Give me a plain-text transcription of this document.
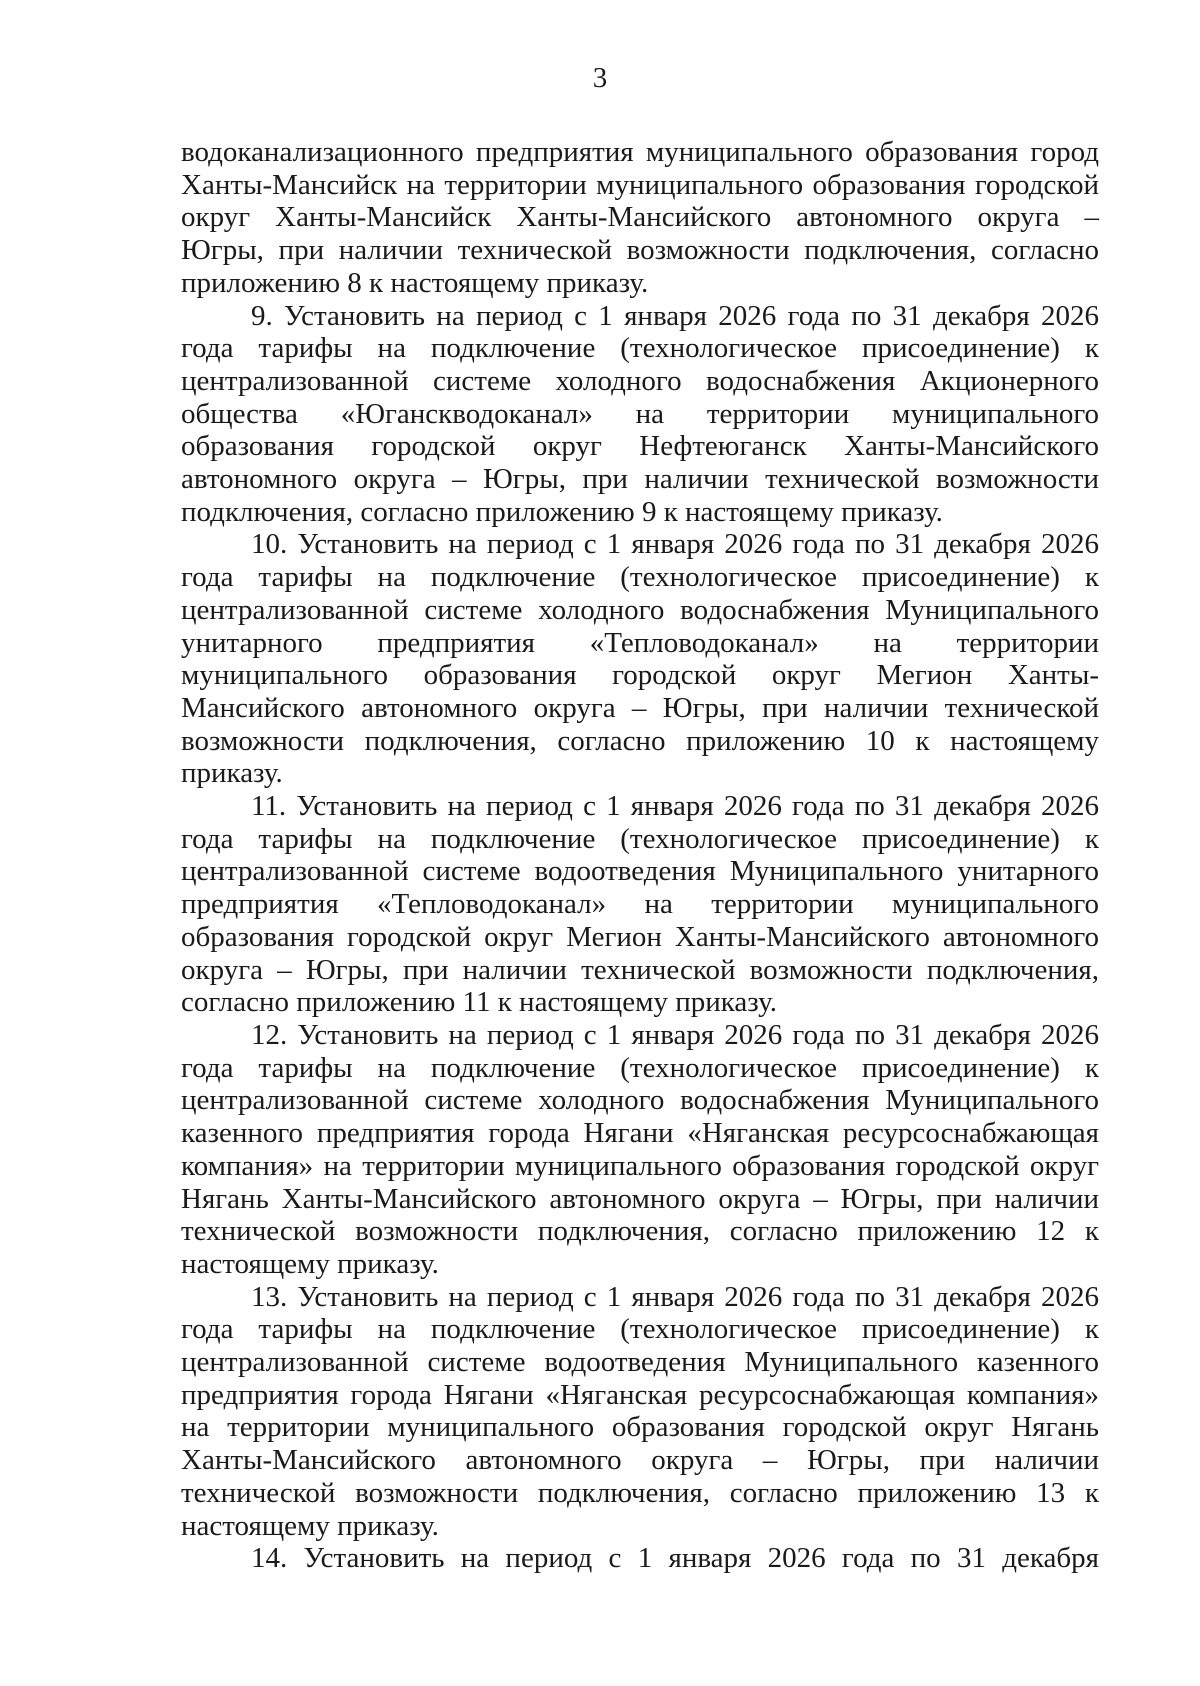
3

водоканализационного предприятия муниципального образования город Ханты-Мансийск на территории муниципального образования городской округ Ханты-Мансийск Ханты-Мансийского автономного округа – Югры, при наличии технической возможности подключения, согласно приложению 8 к настоящему приказу.

9. Установить на период с 1 января 2026 года по 31 декабря 2026 года тарифы на подключение (технологическое присоединение) к централизованной системе холодного водоснабжения Акционерного общества «Юганскводоканал» на территории муниципального образования городской округ Нефтеюганск Ханты-Мансийского автономного округа – Югры, при наличии технической возможности подключения, согласно приложению 9 к настоящему приказу.

10. Установить на период с 1 января 2026 года по 31 декабря 2026 года тарифы на подключение (технологическое присоединение) к централизованной системе холодного водоснабжения Муниципального унитарного предприятия «Тепловодоканал» на территории муниципального образования городской округ Мегион Ханты-Мансийского автономного округа – Югры, при наличии технической возможности подключения, согласно приложению 10 к настоящему приказу.

11. Установить на период с 1 января 2026 года по 31 декабря 2026 года тарифы на подключение (технологическое присоединение) к централизованной системе водоотведения Муниципального унитарного предприятия «Тепловодоканал» на территории муниципального образования городской округ Мегион Ханты-Мансийского автономного округа – Югры, при наличии технической возможности подключения, согласно приложению 11 к настоящему приказу.

12. Установить на период с 1 января 2026 года по 31 декабря 2026 года тарифы на подключение (технологическое присоединение) к централизованной системе холодного водоснабжения Муниципального казенного предприятия города Нягани «Няганская ресурсоснабжающая компания» на территории муниципального образования городской округ Нягань Ханты-Мансийского автономного округа – Югры, при наличии технической возможности подключения, согласно приложению 12 к настоящему приказу.

13. Установить на период с 1 января 2026 года по 31 декабря 2026 года тарифы на подключение (технологическое присоединение) к централизованной системе водоотведения Муниципального казенного предприятия города Нягани «Няганская ресурсоснабжающая компания» на территории муниципального образования городской округ Нягань Ханты-Мансийского автономного округа – Югры, при наличии технической возможности подключения, согласно приложению 13 к настоящему приказу.

14. Установить на период с 1 января 2026 года по 31 декабря
